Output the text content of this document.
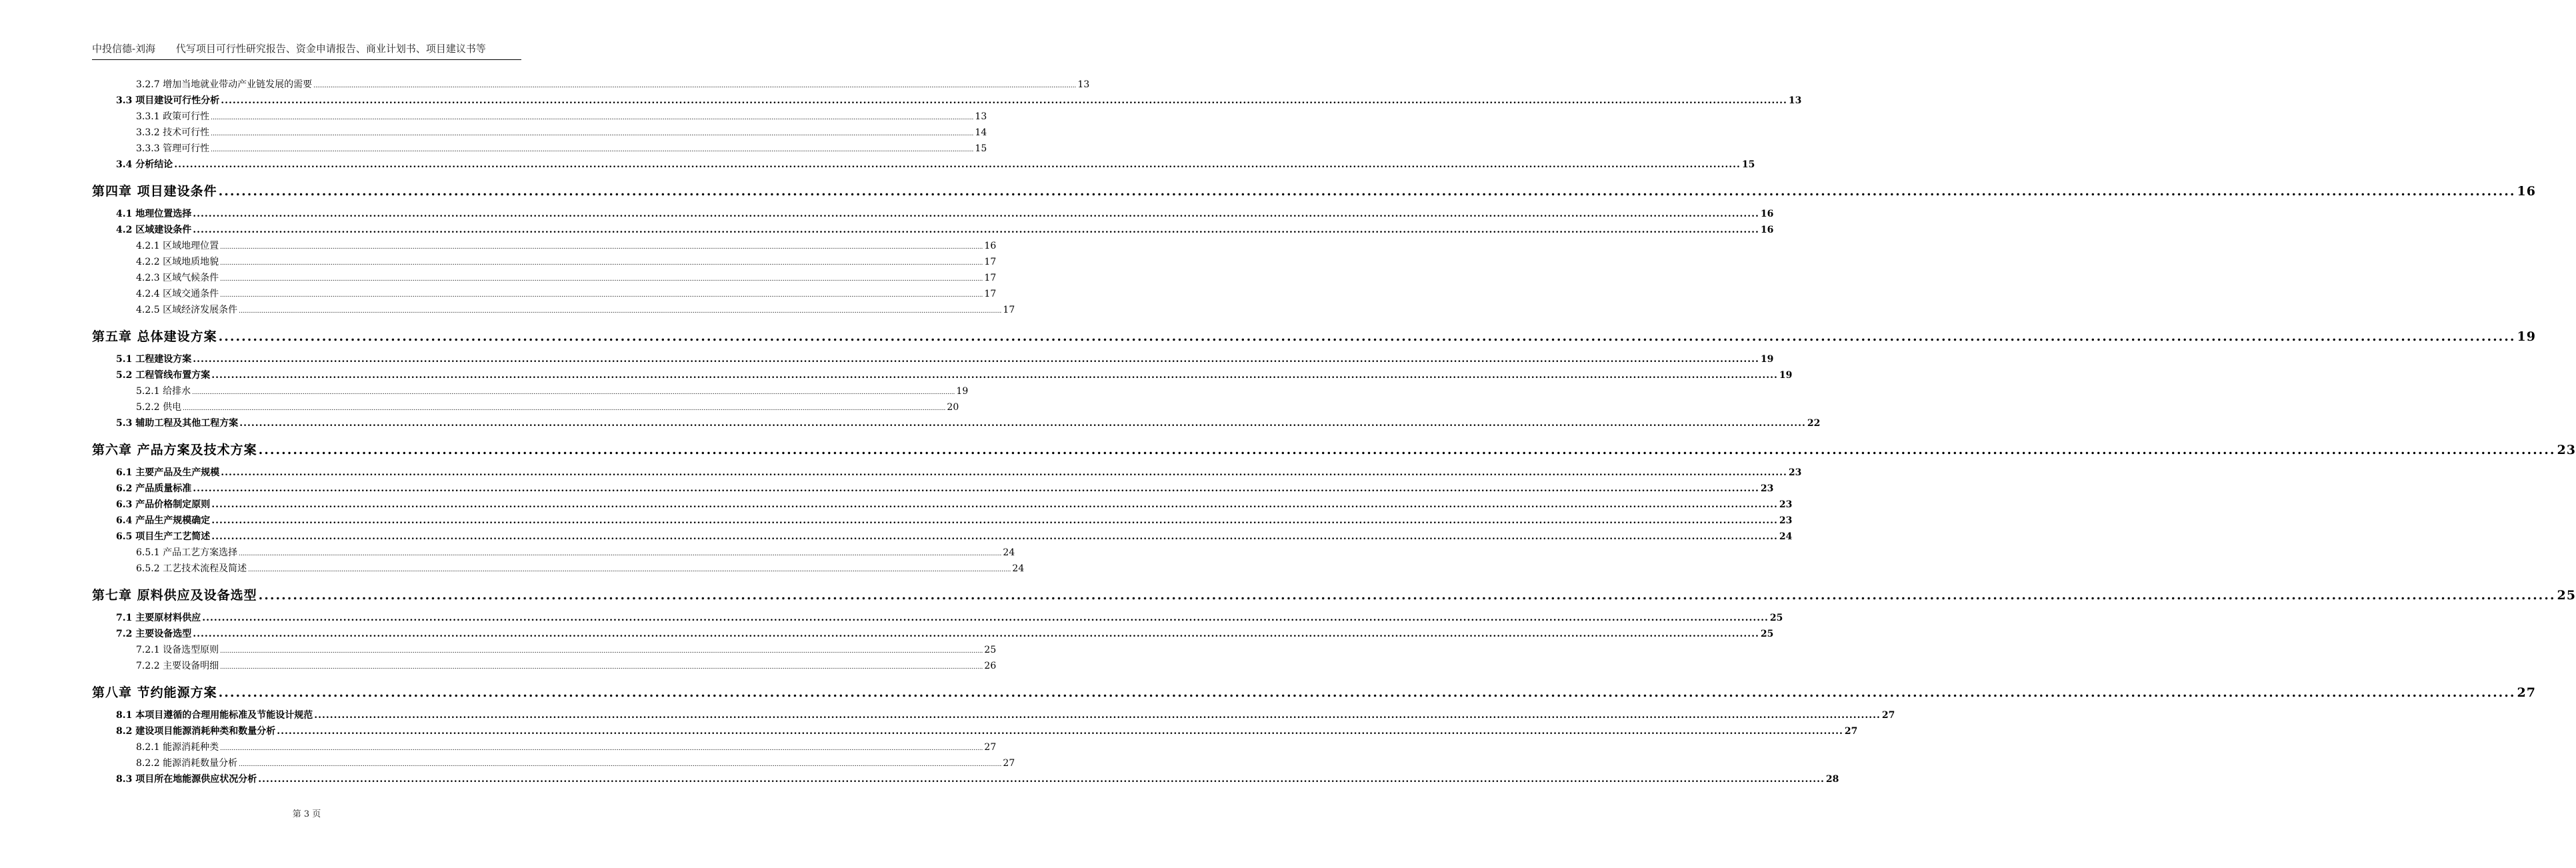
中投信德-刘海 代写项目可行性研究报告、资金申请报告、商业计划书、项目建议书等
3.2.7 增加当地就业带动产业链发展的需要 ................................................................................................................................................................................................................................................................................................................................................................................................................ 13
3.3 项目建设可行性分析 ................................................................................................................................................................................................................................................................................................................................................................................................................ 13
3.3.1 政策可行性 ................................................................................................................................................................................................................................................................................................................................................................................................................ 13
3.3.2 技术可行性 ................................................................................................................................................................................................................................................................................................................................................................................................................ 14
3.3.3 管理可行性 ................................................................................................................................................................................................................................................................................................................................................................................................................ 15
3.4 分析结论 ................................................................................................................................................................................................................................................................................................................................................................................................................ 15
第四章 项目建设条件 ................................................................................................................................................................................................................................................................................................................................................................................................................ 16
4.1 地理位置选择 ................................................................................................................................................................................................................................................................................................................................................................................................................ 16
4.2 区域建设条件 ................................................................................................................................................................................................................................................................................................................................................................................................................ 16
4.2.1 区域地理位置 ................................................................................................................................................................................................................................................................................................................................................................................................................ 16
4.2.2 区域地质地貌 ................................................................................................................................................................................................................................................................................................................................................................................................................ 17
4.2.3 区域气候条件 ................................................................................................................................................................................................................................................................................................................................................................................................................ 17
4.2.4 区域交通条件 ................................................................................................................................................................................................................................................................................................................................................................................................................ 17
4.2.5 区域经济发展条件 ................................................................................................................................................................................................................................................................................................................................................................................................................ 17
第五章 总体建设方案 ................................................................................................................................................................................................................................................................................................................................................................................................................ 19
5.1 工程建设方案 ................................................................................................................................................................................................................................................................................................................................................................................................................ 19
5.2 工程管线布置方案 ................................................................................................................................................................................................................................................................................................................................................................................................................ 19
5.2.1 给排水 ................................................................................................................................................................................................................................................................................................................................................................................................................ 19
5.2.2 供电 ................................................................................................................................................................................................................................................................................................................................................................................................................ 20
5.3 辅助工程及其他工程方案 ................................................................................................................................................................................................................................................................................................................................................................................................................ 22
第六章 产品方案及技术方案 ................................................................................................................................................................................................................................................................................................................................................................................................................ 23
6.1 主要产品及生产规模 ................................................................................................................................................................................................................................................................................................................................................................................................................ 23
6.2 产品质量标准 ................................................................................................................................................................................................................................................................................................................................................................................................................ 23
6.3 产品价格制定原则 ................................................................................................................................................................................................................................................................................................................................................................................................................ 23
6.4 产品生产规模确定 ................................................................................................................................................................................................................................................................................................................................................................................................................ 23
6.5 项目生产工艺简述 ................................................................................................................................................................................................................................................................................................................................................................................................................ 24
6.5.1 产品工艺方案选择 ................................................................................................................................................................................................................................................................................................................................................................................................................ 24
6.5.2 工艺技术流程及简述 ................................................................................................................................................................................................................................................................................................................................................................................................................ 24
第七章 原料供应及设备选型 ................................................................................................................................................................................................................................................................................................................................................................................................................ 25
7.1 主要原材料供应 ................................................................................................................................................................................................................................................................................................................................................................................................................ 25
7.2 主要设备选型 ................................................................................................................................................................................................................................................................................................................................................................................................................ 25
7.2.1 设备选型原则 ................................................................................................................................................................................................................................................................................................................................................................................................................ 25
7.2.2 主要设备明细 ................................................................................................................................................................................................................................................................................................................................................................................................................ 26
第八章 节约能源方案 ................................................................................................................................................................................................................................................................................................................................................................................................................ 27
8.1 本项目遵循的合理用能标准及节能设计规范 ................................................................................................................................................................................................................................................................................................................................................................................................................ 27
8.2 建设项目能源消耗种类和数量分析 ................................................................................................................................................................................................................................................................................................................................................................................................................ 27
8.2.1 能源消耗种类 ................................................................................................................................................................................................................................................................................................................................................................................................................ 27
8.2.2 能源消耗数量分析 ................................................................................................................................................................................................................................................................................................................................................................................................................ 27
8.3 项目所在地能源供应状况分析 ................................................................................................................................................................................................................................................................................................................................................................................................................ 28
第 3 页
